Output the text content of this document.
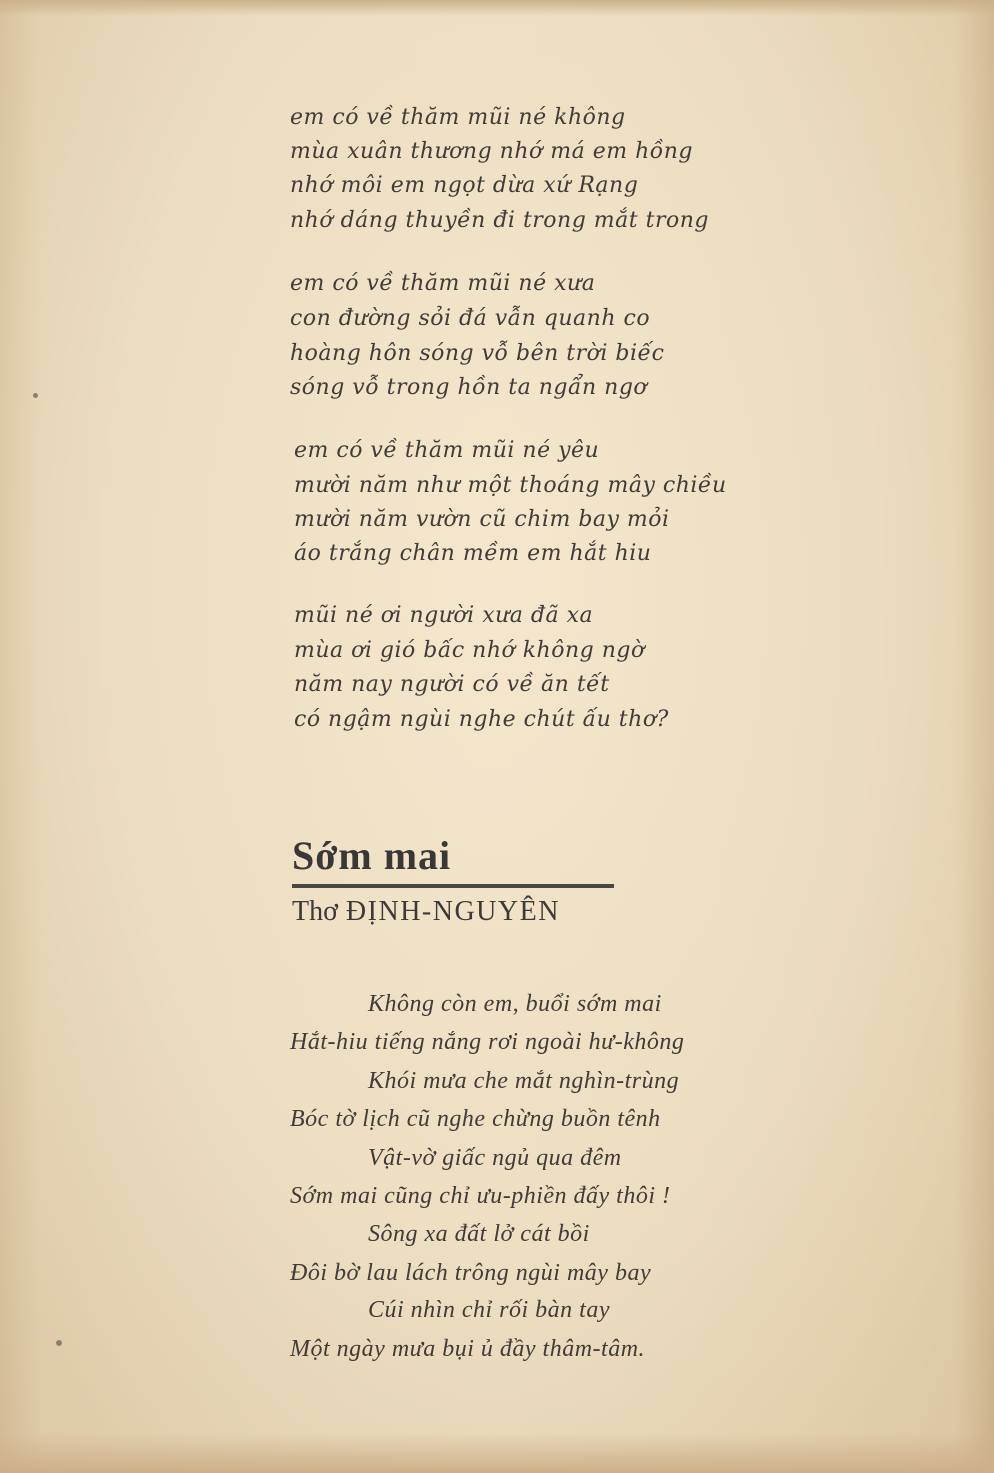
em có về thăm mũi né không
mùa xuân thương nhớ má em hồng
nhớ môi em ngọt dừa xứ Rạng
nhớ dáng thuyền đi trong mắt trong
em có về thăm mũi né xưa
con đường sỏi đá vẫn quanh co
hoàng hôn sóng vỗ bên trời biếc
sóng vỗ trong hồn ta ngẩn ngơ
em có về thăm mũi né yêu
mười năm như một thoáng mây chiều
mười năm vườn cũ chim bay mỏi
áo trắng chân mềm em hắt hiu
mũi né ơi người xưa đã xa
mùa ơi gió bấc nhớ không ngờ
năm nay người có về ăn tết
có ngậm ngùi nghe chút ấu thơ?
Sớm mai
Thơ ĐỊNH-NGUYÊN
Không còn em, buổi sớm mai
Hắt-hiu tiếng nắng rơi ngoài hư-không
Khói mưa che mắt nghìn-trùng
Bóc tờ lịch cũ nghe chừng buồn tênh
Vật-vờ giấc ngủ qua đêm
Sớm mai cũng chỉ ưu-phiền đấy thôi !
Sông xa đất lở cát bồi
Đôi bờ lau lách trông ngùi mây bay
Cúi nhìn chỉ rối bàn tay
Một ngày mưa bụi ủ đầy thâm-tâm.
